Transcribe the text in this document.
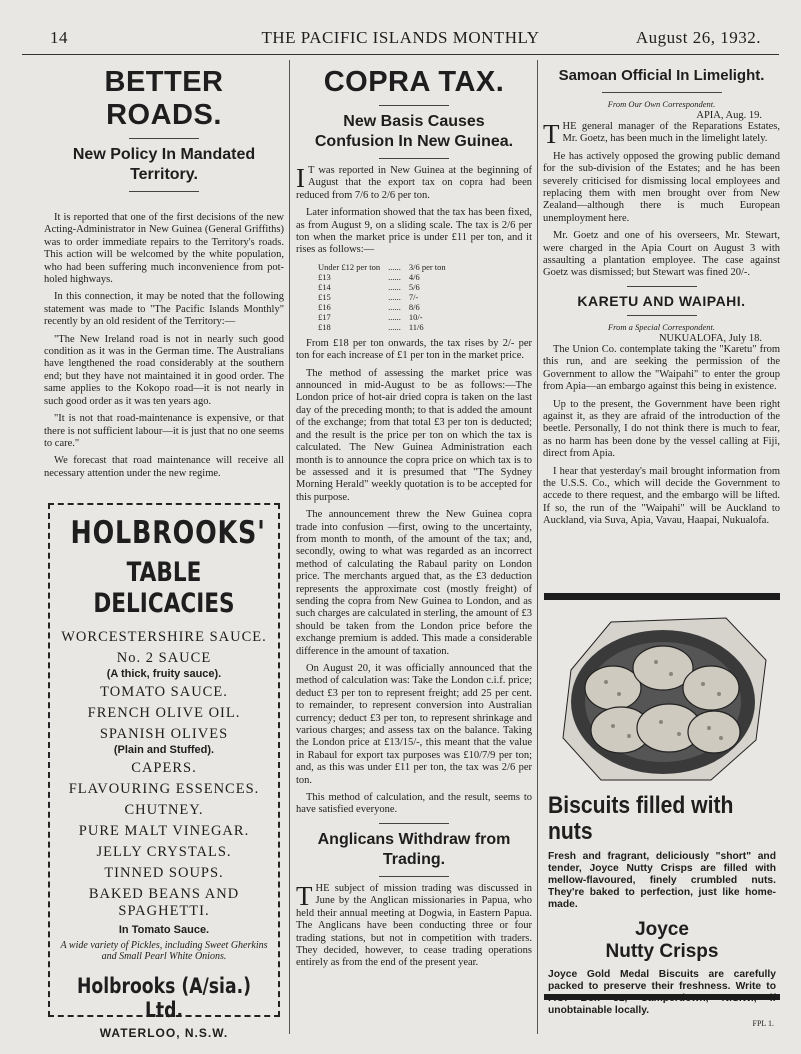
14	THE PACIFIC ISLANDS MONTHLY	August 26, 1932.
BETTER ROADS.
New Policy In Mandated Territory.

It is reported that one of the first decisions of the new Acting-Administrator in New Guinea (General Griffiths) was to order immediate repairs to the Territory's roads. This action will be welcomed by the white population, who had been suffering much inconvenience from pot-holed highways.

In this connection, it may be noted that the following statement was made to "The Pacific Islands Monthly" recently by an old resident of the Territory:—

"The New Ireland road is not in nearly such good condition as it was in the German time. The Australians have lengthened the road considerably at the southern end; but they have not maintained it in good order. The same applies to the Kokopo road—it is not nearly in such good order as it was ten years ago.

"It is not that road-maintenance is expensive, or that there is not sufficient labour—it is just that no one seems to care."

We forecast that road maintenance will receive all necessary attention under the new regime.

HOLBROOKS'
TABLE DELICACIES
WORCESTERSHIRE SAUCE.
No. 2 SAUCE
(A thick, fruity sauce).
TOMATO SAUCE.
FRENCH OLIVE OIL.
SPANISH OLIVES
(Plain and Stuffed).
CAPERS.
FLAVOURING ESSENCES.
CHUTNEY.
PURE MALT VINEGAR.
JELLY CRYSTALS.
TINNED SOUPS.
BAKED BEANS AND SPAGHETTI.
In Tomato Sauce.
A wide variety of Pickles, including Sweet Gherkins and Small Pearl White Onions.
Holbrooks (A/sia.) Ltd.
WATERLOO, N.S.W.
COPRA TAX.
New Basis Causes Confusion In New Guinea.

I T was reported in New Guinea at the beginning of August that the export tax on copra had been reduced from 7/6 to 2/6 per ton.

Later information showed that the tax has been fixed, as from August 9, on a sliding scale. The tax is 2/6 per ton when the market price is under £11 per ton, and it rises as follows:—

Under £12 per ton	......	3/6 per ton
£13	......	4/6
£14	......	5/6
£15	......	7/-
£16	......	8/6
£17	......	10/-
£18	......	11/6

From £18 per ton onwards, the tax rises by 2/- per ton for each increase of £1 per ton in the market price.

The method of assessing the market price was announced in mid-August to be as follows:—The London price of hot-air dried copra is taken on the last day of the preceding month; to that is added the amount of the exchange; from that total £3 per ton is deducted; and the result is the price per ton on which the tax is calculated. The New Guinea Administration each month is to announce the copra price on which tax is to be assessed and it is presumed that "The Sydney Morning Herald" weekly quotation is to be accepted for this purpose.

The announcement threw the New Guinea copra trade into confusion —first, owing to the uncertainty, from month to month, of the amount of the tax; and, secondly, owing to what was regarded as an incorrect method of calculating the Rabaul parity on London price. The merchants argued that, as the £3 deduction represents the approximate cost (mostly freight) of sending the copra from New Guinea to London, and as such charges are calculated in sterling, the amount of £3 should be taken from the London price before the exchange premium is added. This made a considerable difference in the amount of taxation.

On August 20, it was officially announced that the method of calculation was: Take the London c.i.f. price; deduct £3 per ton to represent freight; add 25 per cent. to remainder, to represent conversion into Australian currency; deduct £3 per ton, to represent shrinkage and various charges; and assess tax on the balance. Taking the London price at £13/15/-, this meant that the value in Rabaul for export tax purposes was £10/7/9 per ton; and, as this was under £11 per ton, the tax was 2/6 per ton.

This method of calculation, and the result, seems to have satisfied everyone.

Anglicans Withdraw from Trading.

THE subject of mission trading was discussed in June by the Anglican missionaries in Papua, who held their annual meeting at Dogwia, in Eastern Papua. The Anglicans have been conducting three or four trading stations, but not in competition with traders. They decided, however, to cease trading operations entirely as from the end of the present year.

Samoan Official In Limelight.
From Our Own Correspondent.
APIA, Aug. 19.

THE general manager of the Reparations Estates, Mr. Goetz, has been much in the limelight lately.

He has actively opposed the growing public demand for the sub-division of the Estates; and he has been severely criticised for dismissing local employees and replacing them with men brought over from New Zealand—although there is much European unemployment here.

Mr. Goetz and one of his overseers, Mr. Stewart, were charged in the Apia Court on August 3 with assaulting a plantation employee. The case against Goetz was dismissed; but Stewart was fined 20/-.

KARETU AND WAIPAHI.
From a Special Correspondent.
NUKUALOFA, July 18.

The Union Co. contemplate taking the "Karetu" from this run, and are seeking the permission of the Government to allow the "Waipahi" to enter the group from Apia—an embargo against this being in existence.

Up to the present, the Government have been right against it, as they are afraid of the introduction of the beetle. Personally, I do not think there is much to fear, as no harm has been done by the vessel calling at Fiji, direct from Apia.

I hear that yesterday's mail brought information from the U.S.S. Co., which will decide the Government to accede to there request, and the embargo will be lifted. If so, the run of the "Waipahi" will be Auckland to Auckland, via Suva, Apia, Vavau, Haapai, Nukualofa.

Biscuits filled with nuts

Fresh and fragrant, deliciously "short" and tender, Joyce Nutty Crisps are filled with mellow-flavoured, finely crumbled nuts. They're baked to perfection, just like home-made.

Joyce
Nutty Crisps

Joyce Gold Medal Biscuits are carefully packed to preserve their freshness. Write to P.O. Box 31, Camperdown, N.S.W., if unobtainable locally.

FPL 1.
